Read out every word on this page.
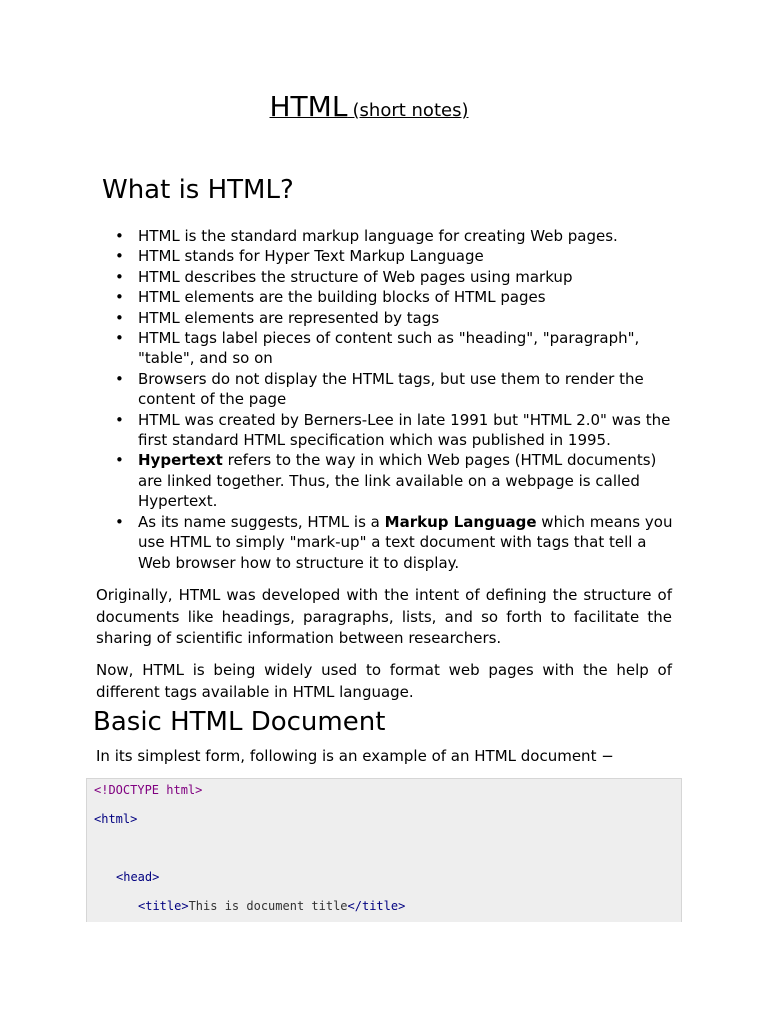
HTML (short notes)
What is HTML?
• HTML is the standard markup language for creating Web pages.
• HTML stands for Hyper Text Markup Language
• HTML describes the structure of Web pages using markup
• HTML elements are the building blocks of HTML pages
• HTML elements are represented by tags
• HTML tags label pieces of content such as "heading", "paragraph", "table", and so on
• Browsers do not display the HTML tags, but use them to render the content of the page
• HTML was created by Berners-Lee in late 1991 but "HTML 2.0" was the first standard HTML specification which was published in 1995.
• Hypertext refers to the way in which Web pages (HTML documents) are linked together. Thus, the link available on a webpage is called Hypertext.
• As its name suggests, HTML is a Markup Language which means you use HTML to simply "mark-up" a text document with tags that tell a Web browser how to structure it to display.

Originally, HTML was developed with the intent of defining the structure of documents like headings, paragraphs, lists, and so forth to facilitate the sharing of scientific information between researchers.

Now, HTML is being widely used to format web pages with the help of different tags available in HTML language.

Basic HTML Document

In its simplest form, following is an example of an HTML document −

<!DOCTYPE html>
<html>
<head>
<title>This is document title</title>
